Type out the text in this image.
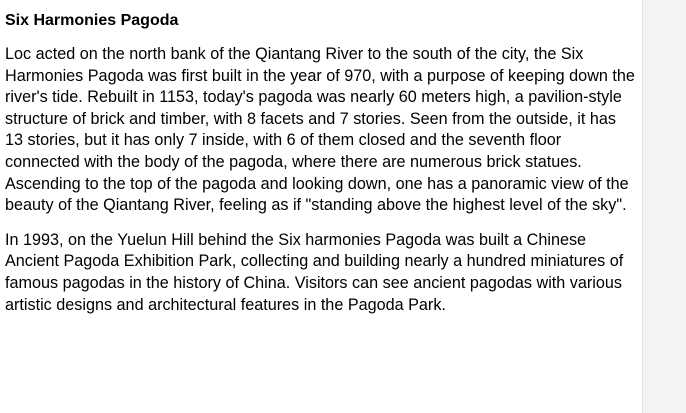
Six Harmonies Pagoda

Loc acted on the north bank of the Qiantang River to the south of the city, the Six Harmonies Pagoda was first built in the year of 970, with a purpose of keeping down the river's tide. Rebuilt in 1153, today's pagoda was nearly 60 meters high, a pavilion-style structure of brick and timber, with 8 facets and 7 stories. Seen from the outside, it has 13 stories, but it has only 7 inside, with 6 of them closed and the seventh floor connected with the body of the pagoda, where there are numerous brick statues. Ascending to the top of the pagoda and looking down, one has a panoramic view of the beauty of the Qiantang River, feeling as if "standing above the highest level of the sky".

In 1993, on the Yuelun Hill behind the Six harmonies Pagoda was built a Chinese Ancient Pagoda Exhibition Park, collecting and building nearly a hundred miniatures of famous pagodas in the history of China. Visitors can see ancient pagodas with various artistic designs and architectural features in the Pagoda Park.
